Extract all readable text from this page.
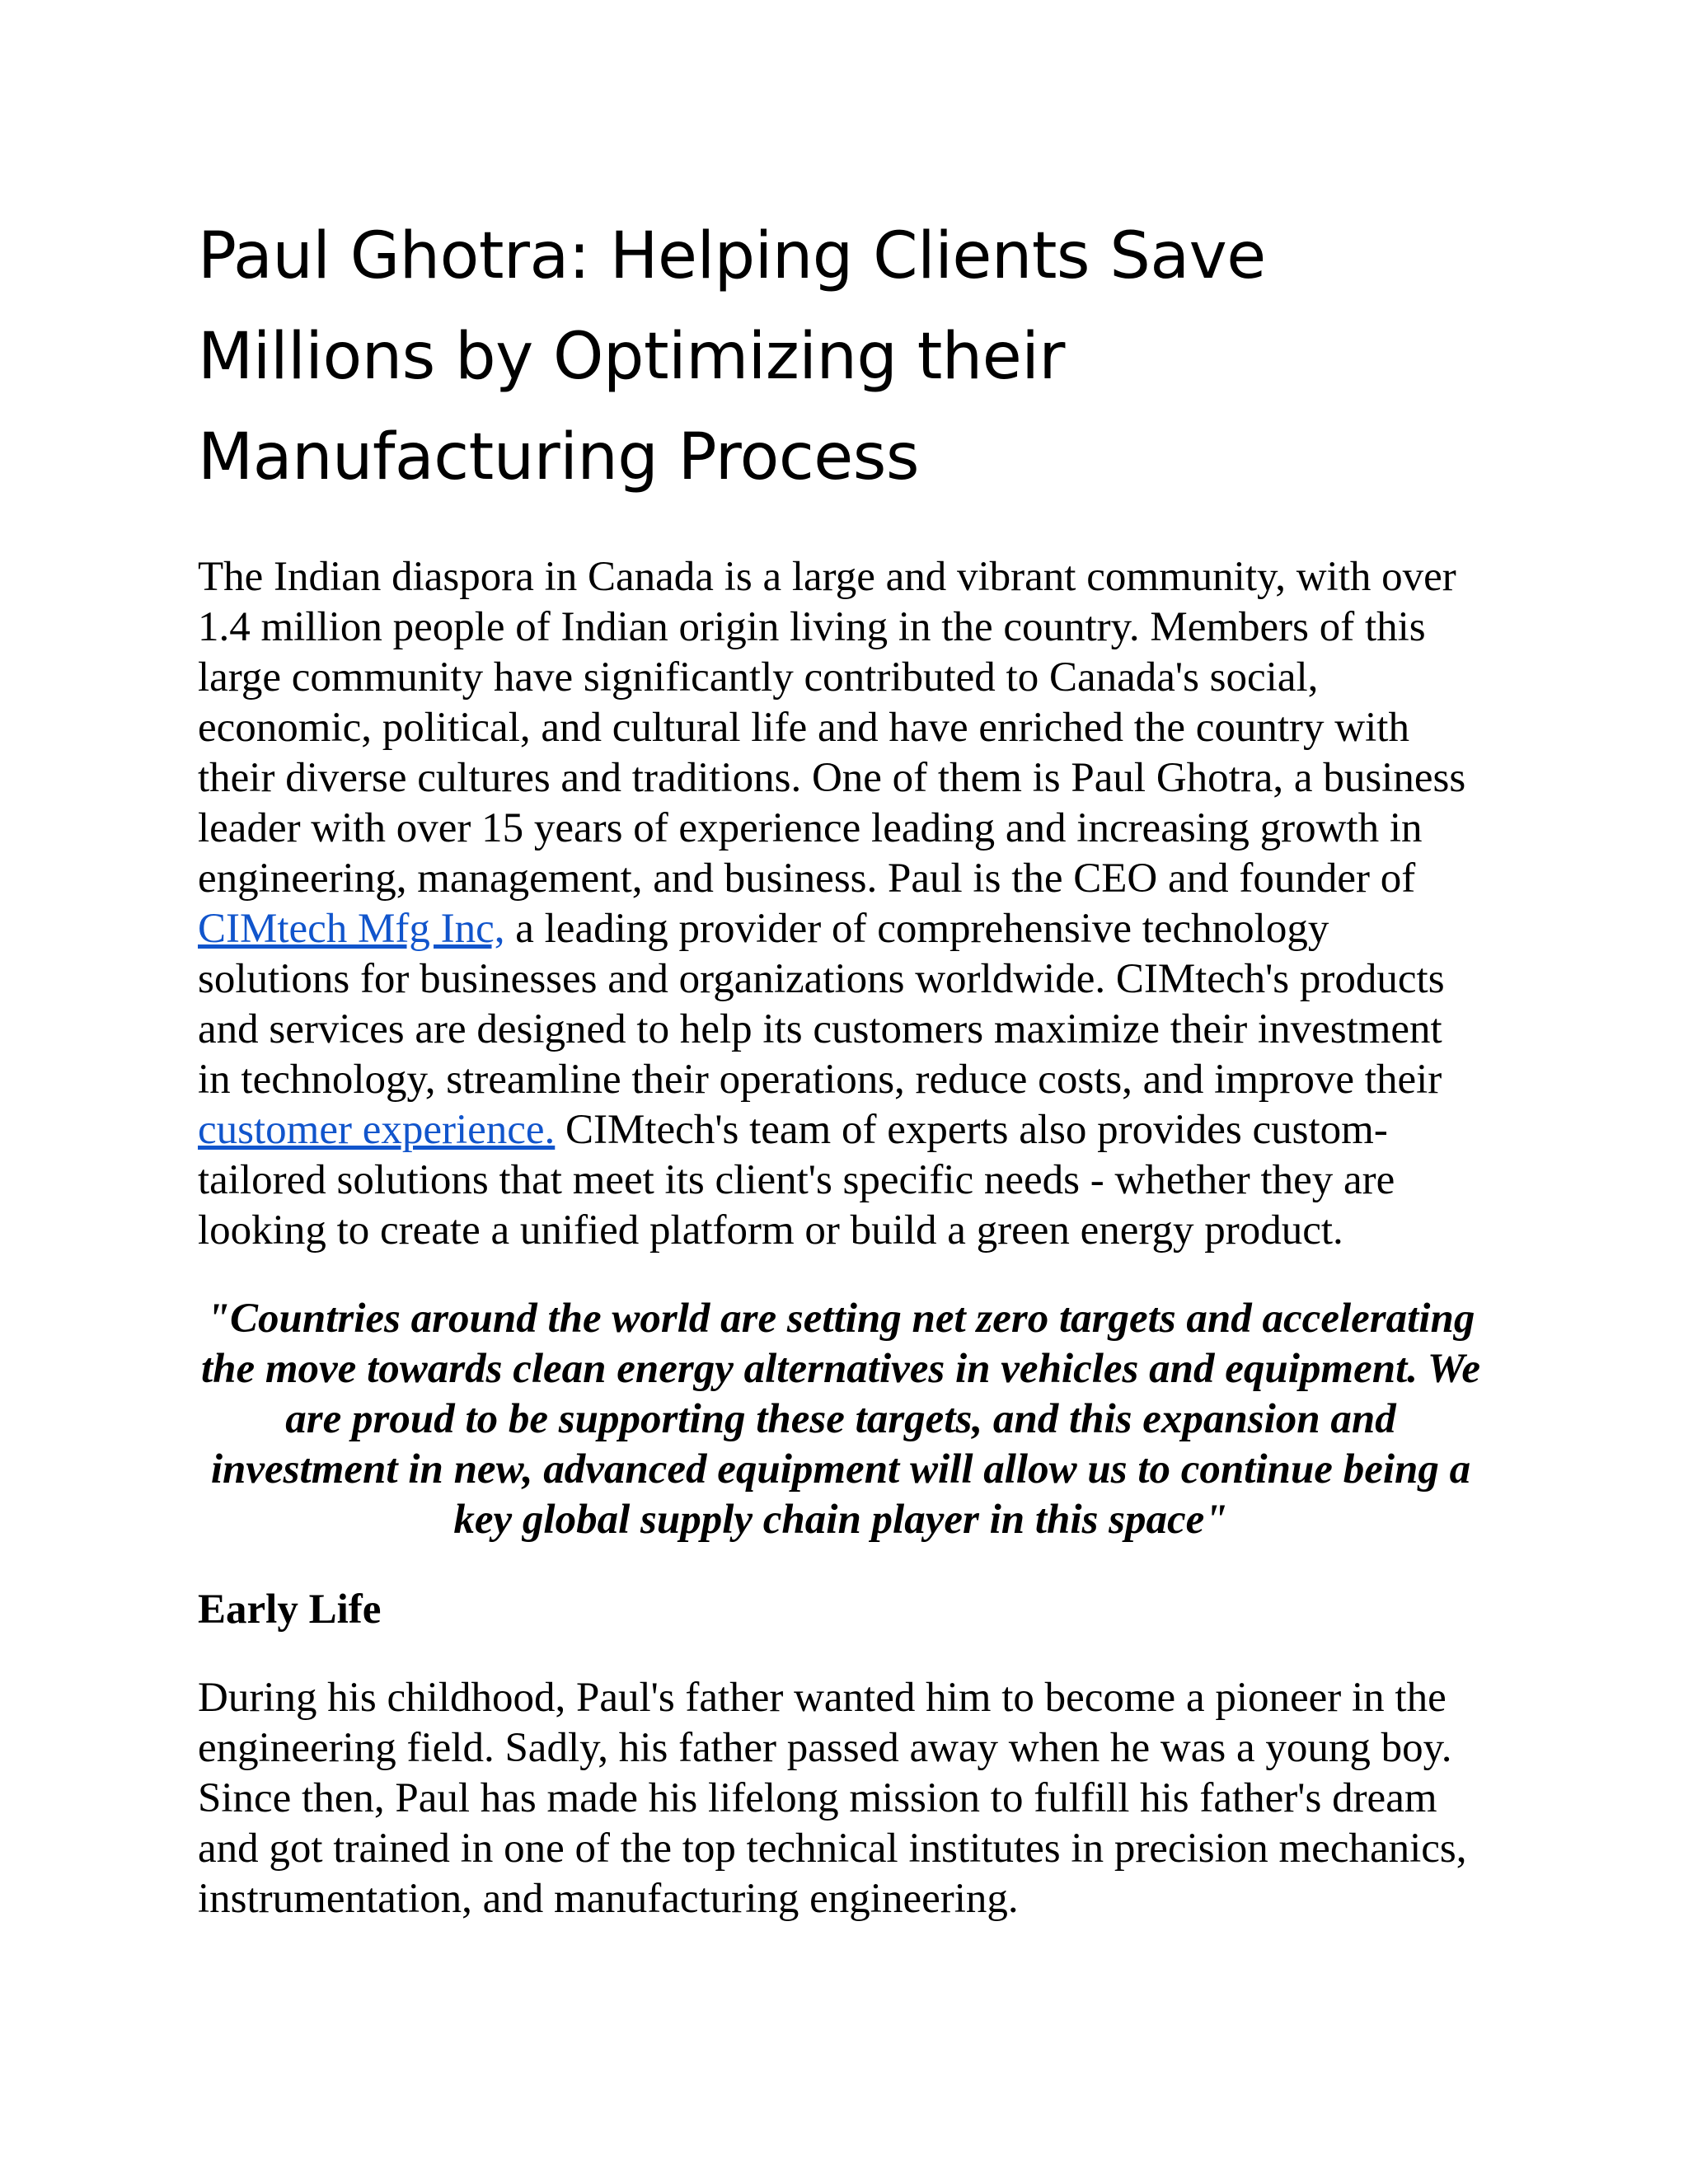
Paul Ghotra: Helping Clients Save Millions by Optimizing their Manufacturing Process

The Indian diaspora in Canada is a large and vibrant community, with over 1.4 million people of Indian origin living in the country. Members of this large community have significantly contributed to Canada's social, economic, political, and cultural life and have enriched the country with their diverse cultures and traditions. One of them is Paul Ghotra, a business leader with over 15 years of experience leading and increasing growth in engineering, management, and business. Paul is the CEO and founder of CIMtech Mfg Inc, a leading provider of comprehensive technology solutions for businesses and organizations worldwide. CIMtech's products and services are designed to help its customers maximize their investment in technology, streamline their operations, reduce costs, and improve their customer experience. CIMtech's team of experts also provides custom-tailored solutions that meet its client's specific needs - whether they are looking to create a unified platform or build a green energy product.

"Countries around the world are setting net zero targets and accelerating the move towards clean energy alternatives in vehicles and equipment. We are proud to be supporting these targets, and this expansion and investment in new, advanced equipment will allow us to continue being a key global supply chain player in this space"

Early Life

During his childhood, Paul's father wanted him to become a pioneer in the engineering field. Sadly, his father passed away when he was a young boy. Since then, Paul has made his lifelong mission to fulfill his father's dream and got trained in one of the top technical institutes in precision mechanics, instrumentation, and manufacturing engineering.
